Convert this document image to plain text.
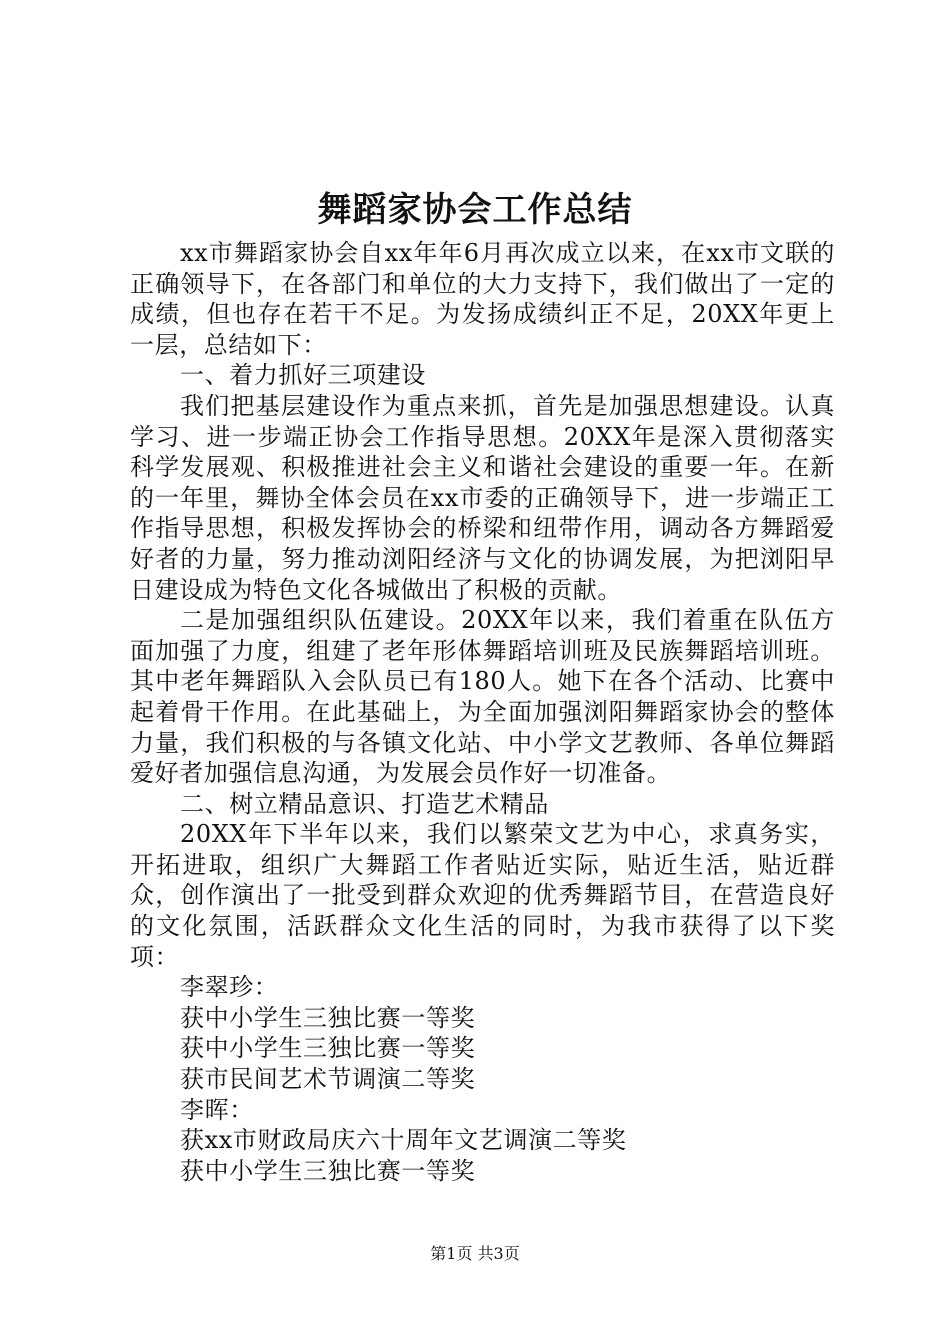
舞蹈家协会工作总结

xx市舞蹈家协会自xx年年6月再次成立以来，在xx市文联的正确领导下，在各部门和单位的大力支持下，我们做出了一定的成绩，但也存在若干不足。为发扬成绩纠正不足，20XX年更上一层，总结如下：

一、着力抓好三项建设

我们把基层建设作为重点来抓，首先是加强思想建设。认真学习、进一步端正协会工作指导思想。20XX年是深入贯彻落实科学发展观、积极推进社会主义和谐社会建设的重要一年。在新的一年里，舞协全体会员在xx市委的正确领导下，进一步端正工作指导思想，积极发挥协会的桥梁和纽带作用，调动各方舞蹈爱好者的力量，努力推动浏阳经济与文化的协调发展，为把浏阳早日建设成为特色文化各城做出了积极的贡献。

二是加强组织队伍建设。20XX年以来，我们着重在队伍方面加强了力度，组建了老年形体舞蹈培训班及民族舞蹈培训班。其中老年舞蹈队入会队员已有180人。她下在各个活动、比赛中起着骨干作用。在此基础上，为全面加强浏阳舞蹈家协会的整体力量，我们积极的与各镇文化站、中小学文艺教师、各单位舞蹈爱好者加强信息沟通，为发展会员作好一切准备。

二、树立精品意识、打造艺术精品

20XX年下半年以来，我们以繁荣文艺为中心，求真务实，开拓进取，组织广大舞蹈工作者贴近实际，贴近生活，贴近群众，创作演出了一批受到群众欢迎的优秀舞蹈节目，在营造良好的文化氛围，活跃群众文化生活的同时，为我市获得了以下奖项：

李翠珍：

获中小学生三独比赛一等奖

获中小学生三独比赛一等奖

获市民间艺术节调演二等奖

李晖：

获xx市财政局庆六十周年文艺调演二等奖

获中小学生三独比赛一等奖

第1页 共3页
